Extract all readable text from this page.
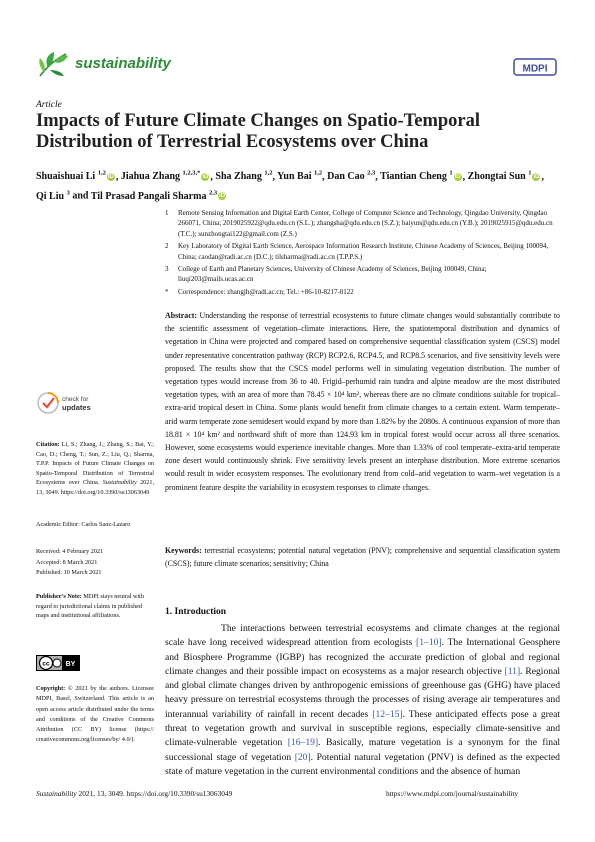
sustainability	MDPI
Article
Impacts of Future Climate Changes on Spatio-Temporal Distribution of Terrestrial Ecosystems over China
Shuaishuai Li $^{1,2}$iD , Jiahua Zhang $^{1,2,3,*}$iD , Sha Zhang $^{1,2}$, Yun Bai $^{1,2}$, Dan Cao $^{2,3}$, Tiantian Cheng $^1$iD , Zhongtai Sun $^1$iD , Qi Liu $^3$ and Til Prasad Pangali Sharma $^{2,3}$iD
1	Remote Sensing Information and Digital Earth Center, College of Computer Science and Technology, Qingdao University, Qingdao 266071, China; 2019025922@qdu.edu.cn (S.L.); zhangsha@qdu.edu.cn (S.Z.); baiyun@qdu.edu.cn (Y.B.); 2019025915@qdu.edu.cn (T.C.); sunzhongtai122@gmail.com (Z.S.)
2	Key Laboratory of Digital Earth Science, Aerospace Information Research Institute, Chinese Academy of Sciences, Beijing 100094, China; caodan@radi.ac.cn (D.C.); tilsharma@radi.ac.cn (T.P.P.S.)
3	College of Earth and Planetary Sciences, University of Chinese Academy of Sciences, Beijing 100049, China; liuqi203@mails.ucas.ac.cn
*	Correspondence: zhangjh@radi.ac.cn; Tel.: +86-10-8217-8122
Abstract: Understanding the response of terrestrial ecosystems to future climate changes would substantially contribute to the scientific assessment of vegetation–climate interactions. Here, the spatiotemporal distribution and dynamics of vegetation in China were projected and compared based on comprehensive sequential classification system (CSCS) model under representative concentration pathway (RCP) RCP2.6, RCP4.5, and RCP8.5 scenarios, and five sensitivity levels were proposed. The results show that the CSCS model performs well in simulating vegetation distribution. The number of vegetation types would increase from 36 to 40. Frigid–perhumid rain tundra and alpine meadow are the most distributed vegetation types, with an area of more than 78.45 × 10⁴ km², whereas there are no climate conditions suitable for tropical–extra-arid tropical desert in China. Some plants would benefit from climate changes to a certain extent. Warm temperate–arid warm temperate zone semidesert would expand by more than 1.82% by the 2080s. A continuous expansion of more than 18.81 × 10⁴ km² and northward shift of more than 124.93 km in tropical forest would occur across all three scenarios. However, some ecosystems would experience inevitable changes. More than 1.33% of cool temperate–extra-arid temperate zone desert would continuously shrink. Five sensitivity levels present an interphase distribution. More extreme scenarios would result in wider ecosystem responses. The evolutionary trend from cold–arid vegetation to warm–wet vegetation is a prominent feature despite the variability in ecosystem responses to climate changes.
Keywords: terrestrial ecosystems; potential natural vegetation (PNV); comprehensive and sequential classification system (CSCS); future climate scenarios; sensitivity; China
check for
updates
Citation: Li, S.; Zhang, J.; Zhang, S.; Bai, Y.; Cao, D.; Cheng, T.; Sun, Z.; Liu, Q.; Sharma, T.P.P. Impacts of Future Climate Changes on Spatio-Temporal Distribution of Terrestrial Ecosystems over China. Sustainability 2021, 13, 3049. https://doi.org/10.3390/su13063049
Academic Editor: Carlos Sanz-Lazaro
Received: 4 February 2021
Accepted: 8 March 2021
Published: 10 March 2021
Publisher’s Note: MDPI stays neutral with regard to jurisdictional claims in published maps and institutional affiliations.
cc BY
Copyright: © 2021 by the authors. Licensee MDPI, Basel, Switzerland. This article is an open access article distributed under the terms and conditions of the Creative Commons Attribution (CC BY) license (https:// creativecommons.org/licenses/by/ 4.0/).
1. Introduction
The interactions between terrestrial ecosystems and climate changes at the regional scale have long received widespread attention from ecologists [1–10]. The International Geosphere and Biosphere Programme (IGBP) has recognized the accurate prediction of global and regional climate changes and their possible impact on ecosystems as a major research objective [11]. Regional and global climate changes driven by anthropogenic emissions of greenhouse gas (GHG) have placed heavy pressure on terrestrial ecosystems through the processes of rising average air temperatures and interannual variability of rainfall in recent decades [12–15]. These anticipated effects pose a great threat to vegetation growth and survival in susceptible regions, especially climate-sensitive and climate-vulnerable vegetation [16–19]. Basically, mature vegetation is a synonym for the final successional stage of vegetation [20]. Potential natural vegetation (PNV) is defined as the expected state of mature vegetation in the current environmental conditions and the absence of human
Sustainability 2021, 13, 3049. https://doi.org/10.3390/su13063049	https://www.mdpi.com/journal/sustainability
